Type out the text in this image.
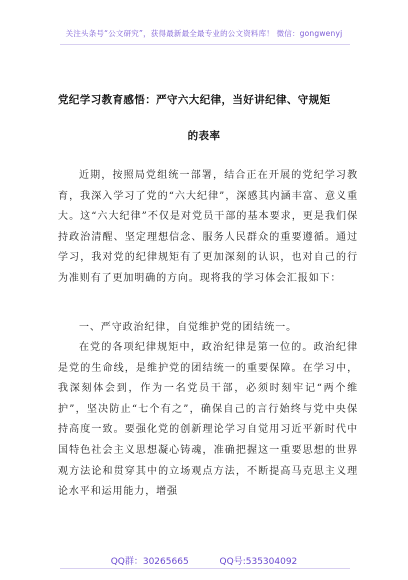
关注头条号“公文研究”，获得最新最全最专业的公文资料库！ 微信：gongwenyj
党纪学习教育感悟：严守六大纪律，当好讲纪律、守规矩
的表率
近期，按照局党组统一部署，结合正在开展的党纪学习教育，我深入学习了党的“六大纪律”，深感其内涵丰富、意义重大。这“六大纪律”不仅是对党员干部的基本要求，更是我们保持政治清醒、坚定理想信念、服务人民群众的重要遵循。通过学习，我对党的纪律规矩有了更加深刻的认识，也对自己的行为准则有了更加明确的方向。现将我的学习体会汇报如下：
一、严守政治纪律，自觉维护党的团结统一。
在党的各项纪律规矩中，政治纪律是第一位的。政治纪律是党的生命线，是维护党的团结统一的重要保障。在学习中，我深刻体会到，作为一名党员干部，必须时刻牢记“两个维护”，坚决防止“七个有之”，确保自己的言行始终与党中央保持高度一致。要强化党的创新理论学习自觉用习近平新时代中国特色社会主义思想凝心铸魂，准确把握这一重要思想的世界观方法论和贯穿其中的立场观点方法，不断提高马克思主义理论水平和运用能力，增强
QQ群：30265665	QQ号:535304092
